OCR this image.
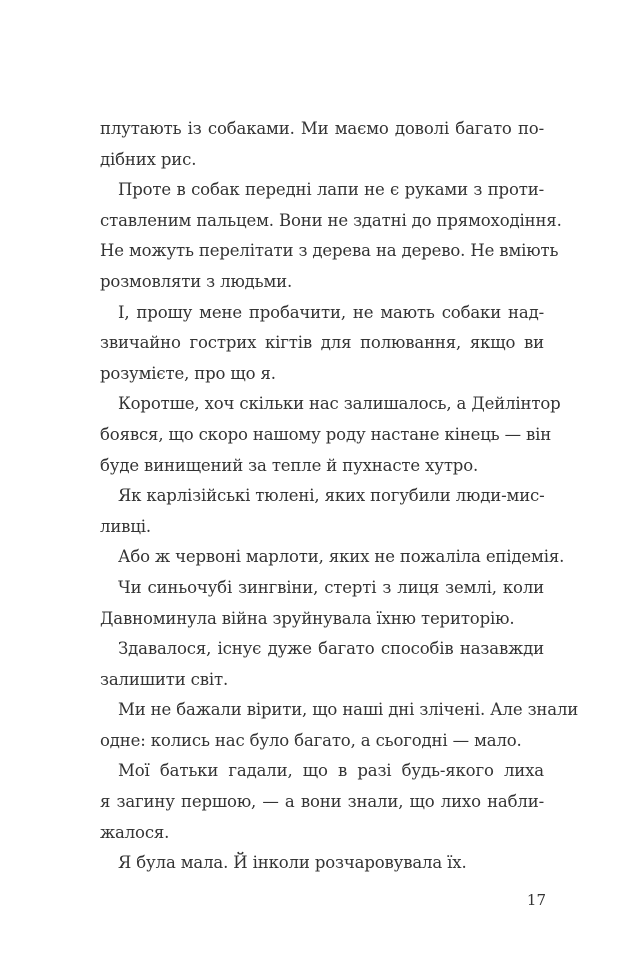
плутають із собаками. Ми маємо доволі багато по-
дібних рис.
Проте в собак передні лапи не є руками з проти-
ставленим пальцем. Вони не здатні до прямоходіння.
Не можуть перелітати з дерева на дерево. Не вміють
розмовляти з людьми.
І, прошу мене пробачити, не мають собаки над-
звичайно гострих кігтів для полювання, якщо ви
розумієте, про що я.
Коротше, хоч скільки нас залишалось, а Дейлінтор
боявся, що скоро нашому роду настане кінець — він
буде винищений за тепле й пухнасте хутро.
Як карлізійські тюлені, яких погубили люди-мис-
ливці.
Або ж червоні марлоти, яких не пожаліла епідемія.
Чи синьочубі зингвіни, стерті з лиця землі, коли
Давноминула війна зруйнувала їхню територію.
Здавалося, існує дуже багато способів назавжди
залишити світ.
Ми не бажали вірити, що наші дні злічені. Але знали
одне: колись нас було багато, а сьогодні — мало.
Мої батьки гадали, що в разі будь-якого лиха
я загину першою, — а вони знали, що лихо набли-
жалося.
Я була мала. Й інколи розчаровувала їх.
17
